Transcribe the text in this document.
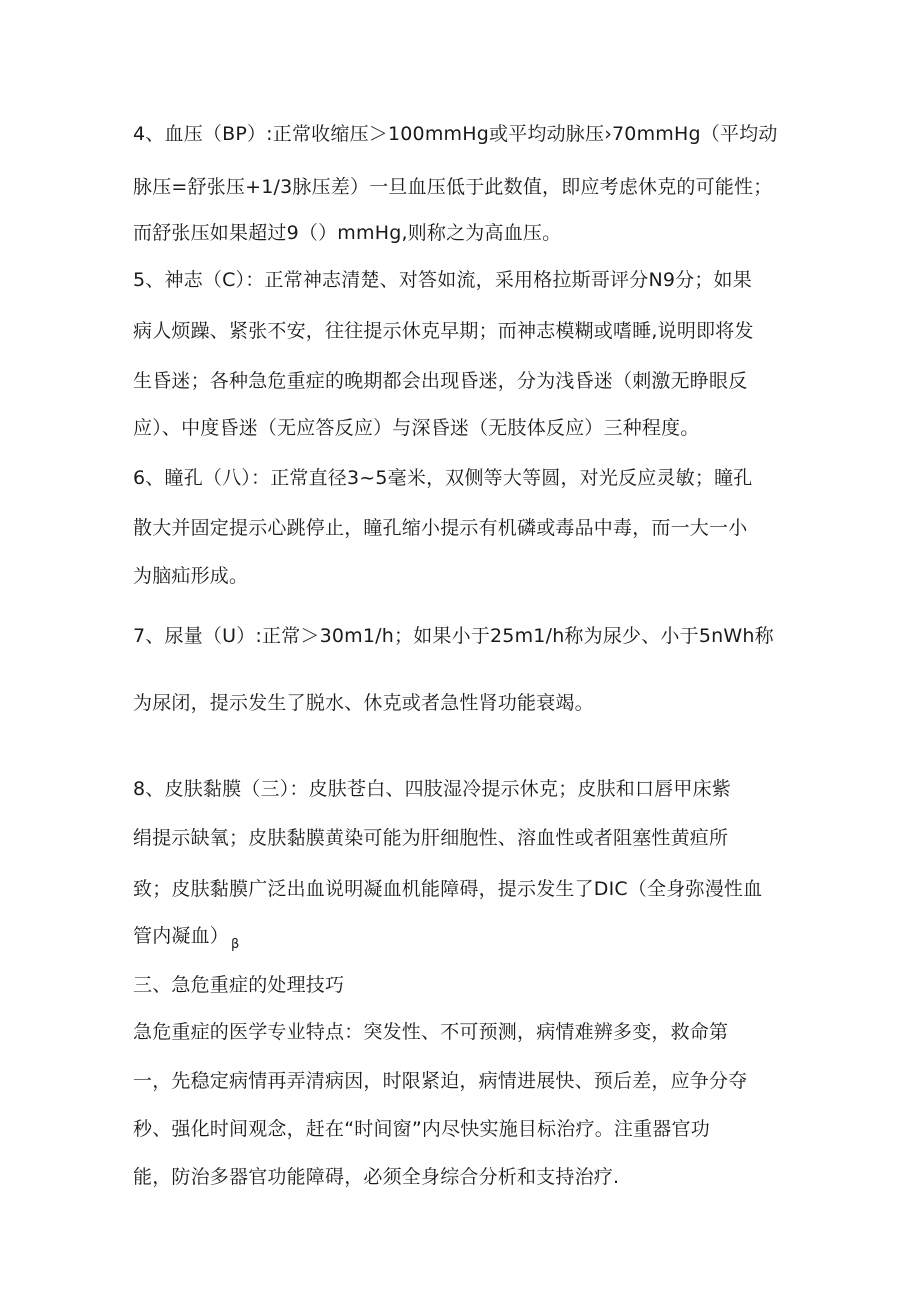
4、血压（BP）:正常收缩压＞100mmHg或平均动脉压›70mmHg（平均动
脉压=舒张压+1/3脉压差）一旦血压低于此数值，即应考虑休克的可能性；
而舒张压如果超过9（）mmHg,则称之为高血压。
5、神志（C）：正常神志清楚、对答如流，采用格拉斯哥评分N9分；如果
病人烦躁、紧张不安，往往提示休克早期；而神志模糊或嗜睡,说明即将发
生昏迷；各种急危重症的晚期都会出现昏迷，分为浅昏迷（刺激无睁眼反
应）、中度昏迷（无应答反应）与深昏迷（无肢体反应）三种程度。
6、瞳孔（八）：正常直径3~5毫米，双侧等大等圆，对光反应灵敏；瞳孔
散大并固定提示心跳停止，瞳孔缩小提示有机磷或毒品中毒，而一大一小
为脑疝形成。
7、尿量（U）:正常＞30m1∕h；如果小于25m1∕h称为尿少、小于5nWh称
为尿闭，提示发生了脱水、休克或者急性肾功能衰竭。
8、皮肤黏膜（三）：皮肤苍白、四肢湿冷提示休克；皮肤和口唇甲床紫
绢提示缺氧；皮肤黏膜黄染可能为肝细胞性、溶血性或者阻塞性黄疸所
致；皮肤黏膜广泛出血说明凝血机能障碍，提示发生了DIC（全身弥漫性血
管内凝血） $_\beta$
三、急危重症的处理技巧
急危重症的医学专业特点：突发性、不可预测，病情难辨多变，救命第
一，先稳定病情再弄清病因，时限紧迫，病情进展快、预后差，应争分夺
秒、强化时间观念，赶在“时间窗”内尽快实施目标治疗。注重器官功
能，防治多器官功能障碍，必须全身综合分析和支持治疗.
